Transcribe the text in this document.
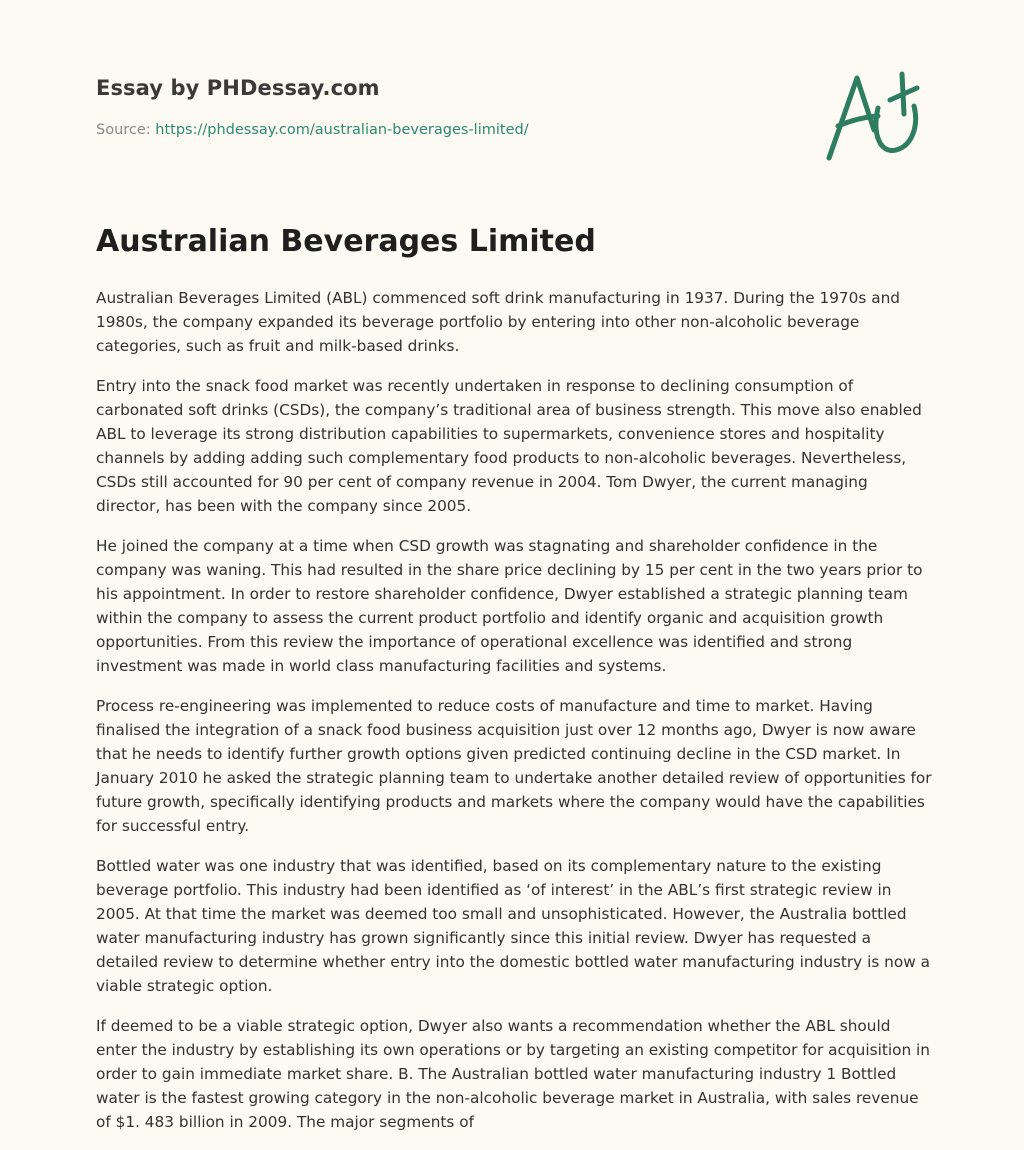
Essay by PHDessay.com
Source: https://phdessay.com/australian-beverages-limited/
Australian Beverages Limited

Australian Beverages Limited (ABL) commenced soft drink manufacturing in 1937. During the 1970s and 1980s, the company expanded its beverage portfolio by entering into other non-alcoholic beverage categories, such as fruit and milk-based drinks.

Entry into the snack food market was recently undertaken in response to declining consumption of carbonated soft drinks (CSDs), the company’s traditional area of business strength. This move also enabled ABL to leverage its strong distribution capabilities to supermarkets, convenience stores and hospitality channels by adding adding such complementary food products to non-alcoholic beverages. Nevertheless, CSDs still accounted for 90 per cent of company revenue in 2004. Tom Dwyer, the current managing director, has been with the company since 2005.

He joined the company at a time when CSD growth was stagnating and shareholder confidence in the company was waning. This had resulted in the share price declining by 15 per cent in the two years prior to his appointment. In order to restore shareholder confidence, Dwyer established a strategic planning team within the company to assess the current product portfolio and identify organic and acquisition growth opportunities. From this review the importance of operational excellence was identified and strong investment was made in world class manufacturing facilities and systems.

Process re-engineering was implemented to reduce costs of manufacture and time to market. Having finalised the integration of a snack food business acquisition just over 12 months ago, Dwyer is now aware that he needs to identify further growth options given predicted continuing decline in the CSD market. In January 2010 he asked the strategic planning team to undertake another detailed review of opportunities for future growth, specifically identifying products and markets where the company would have the capabilities for successful entry.

Bottled water was one industry that was identified, based on its complementary nature to the existing beverage portfolio. This industry had been identified as ‘of interest’ in the ABL’s first strategic review in 2005. At that time the market was deemed too small and unsophisticated. However, the Australia bottled water manufacturing industry has grown significantly since this initial review. Dwyer has requested a detailed review to determine whether entry into the domestic bottled water manufacturing industry is now a viable strategic option.

If deemed to be a viable strategic option, Dwyer also wants a recommendation whether the ABL should enter the industry by establishing its own operations or by targeting an existing competitor for acquisition in order to gain immediate market share. B. The Australian bottled water manufacturing industry 1 Bottled water is the fastest growing category in the non-alcoholic beverage market in Australia, with sales revenue of $1. 483 billion in 2009. The major segments of
